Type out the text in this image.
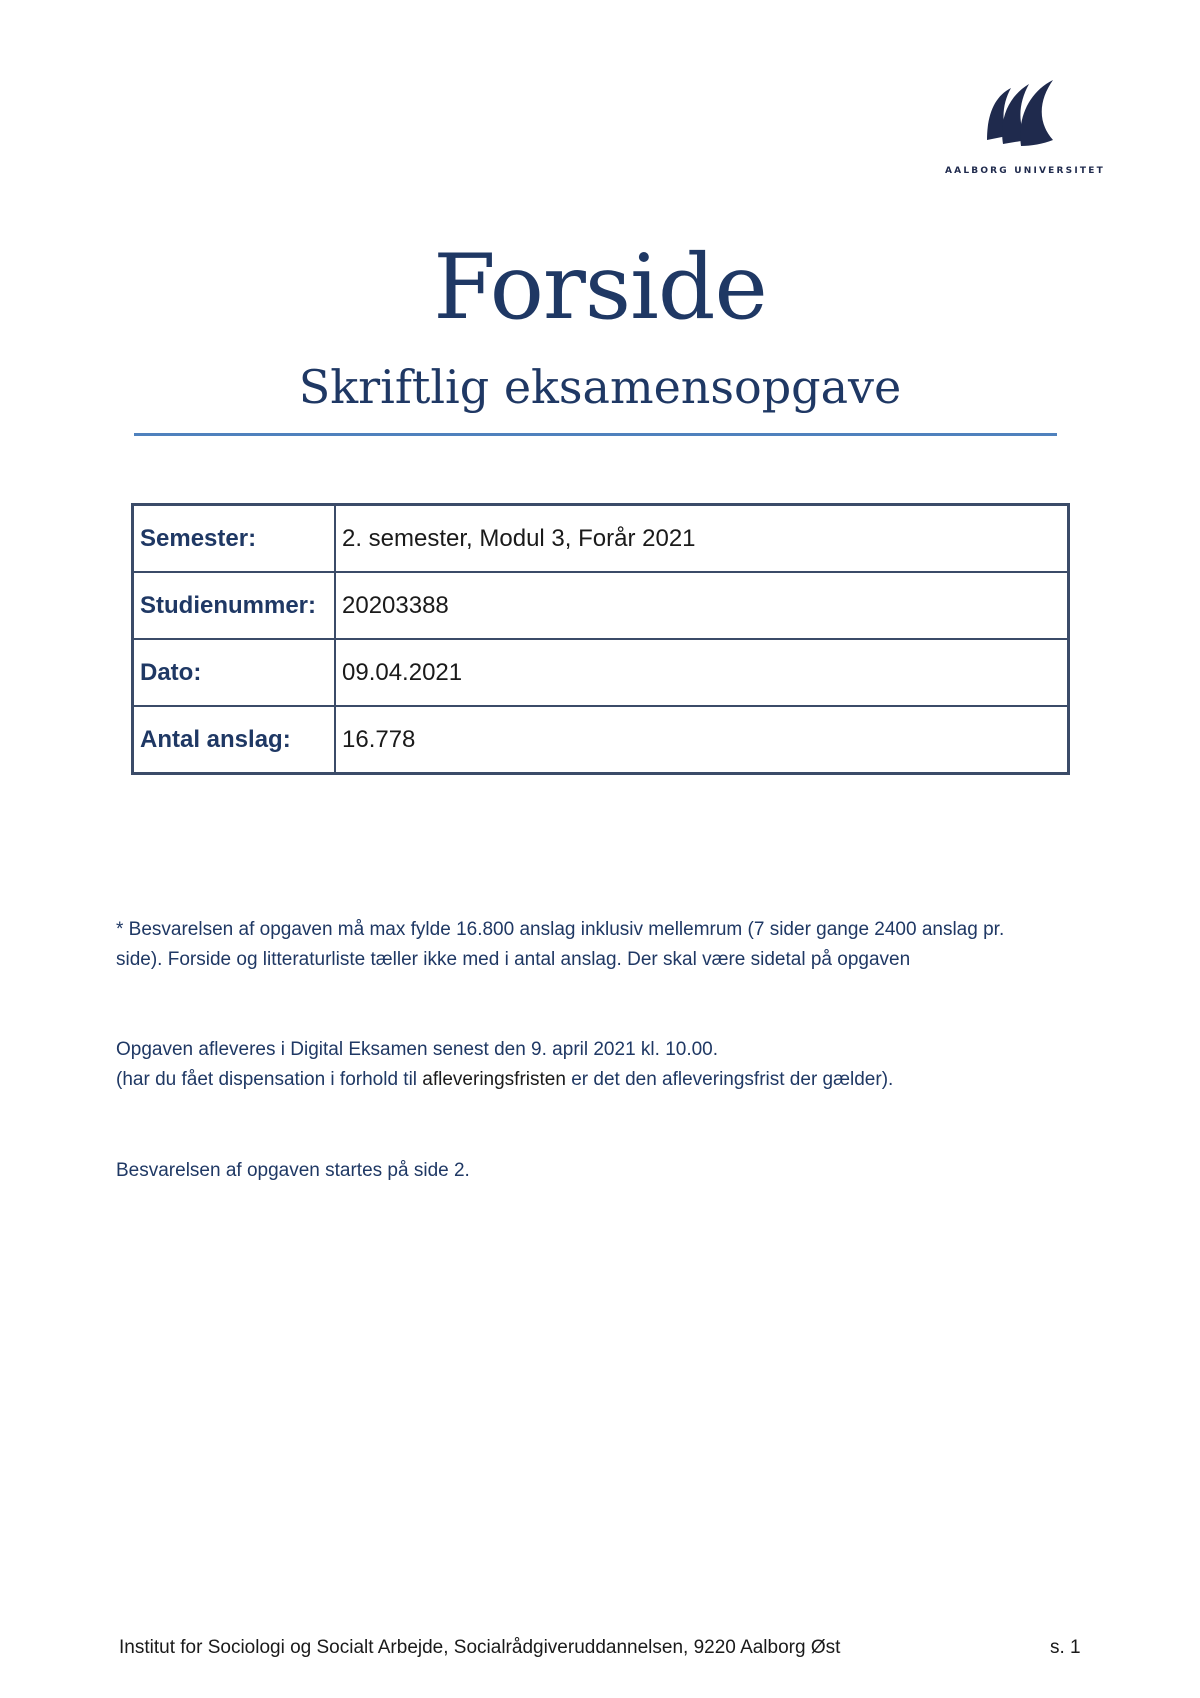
AALBORG UNIVERSITET
Forside
Skriftlig eksamensopgave
Semester:	2. semester, Modul 3, Forår 2021
Studienummer:	20203388
Dato:	09.04.2021
Antal anslag:	16.778
* Besvarelsen af opgaven må max fylde 16.800 anslag inklusiv mellemrum (7 sider gange 2400 anslag pr.
side). Forside og litteraturliste tæller ikke med i antal anslag. Der skal være sidetal på opgaven
Opgaven afleveres i Digital Eksamen senest den 9. april 2021 kl. 10.00.
(har du fået dispensation i forhold til afleveringsfristen er det den afleveringsfrist der gælder).
Besvarelsen af opgaven startes på side 2.
Institut for Sociologi og Socialt Arbejde, Socialrådgiveruddannelsen, 9220 Aalborg Øst	s. 1
